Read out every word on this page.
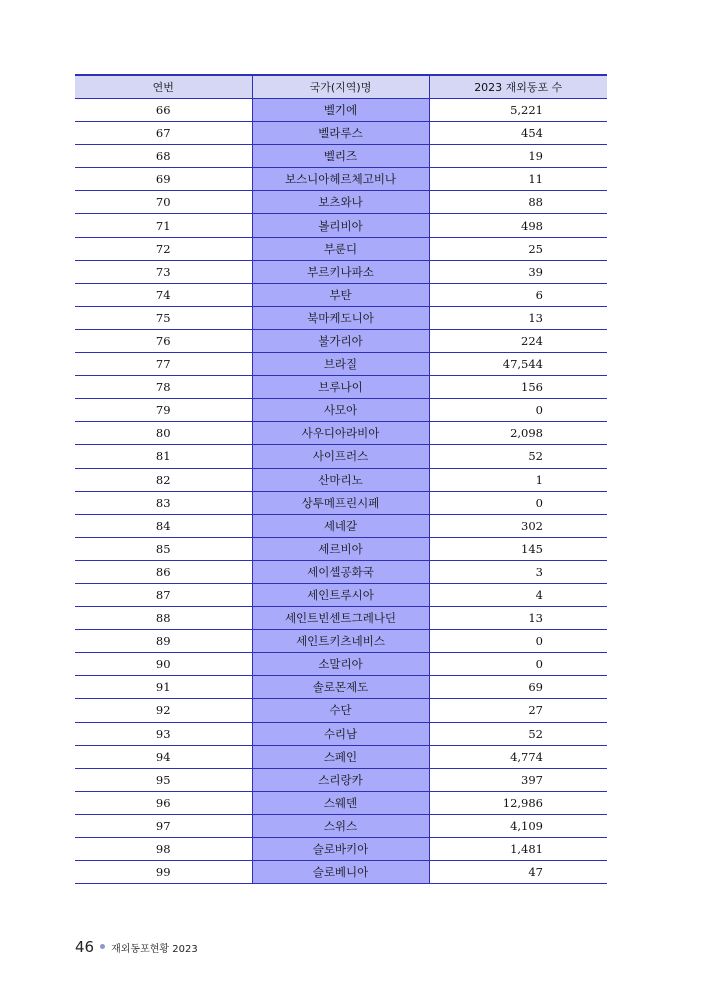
연번	국가(지역)명	2023 재외동포 수
66	벨기에	5,221
67	벨라루스	454
68	벨리즈	19
69	보스니아헤르체고비나	11
70	보츠와나	88
71	볼리비아	498
72	부룬디	25
73	부르키나파소	39
74	부탄	6
75	북마케도니아	13
76	불가리아	224
77	브라질	47,544
78	브루나이	156
79	사모아	0
80	사우디아라비아	2,098
81	사이프러스	52
82	산마리노	1
83	상투메프린시페	0
84	세네갈	302
85	세르비아	145
86	세이셸공화국	3
87	세인트루시아	4
88	세인트빈센트그레나딘	13
89	세인트키츠네비스	0
90	소말리아	0
91	솔로몬제도	69
92	수단	27
93	수리남	52
94	스페인	4,774
95	스리랑카	397
96	스웨덴	12,986
97	스위스	4,109
98	슬로바키아	1,481
99	슬로베니아	47
46 재외동포현황 2023
